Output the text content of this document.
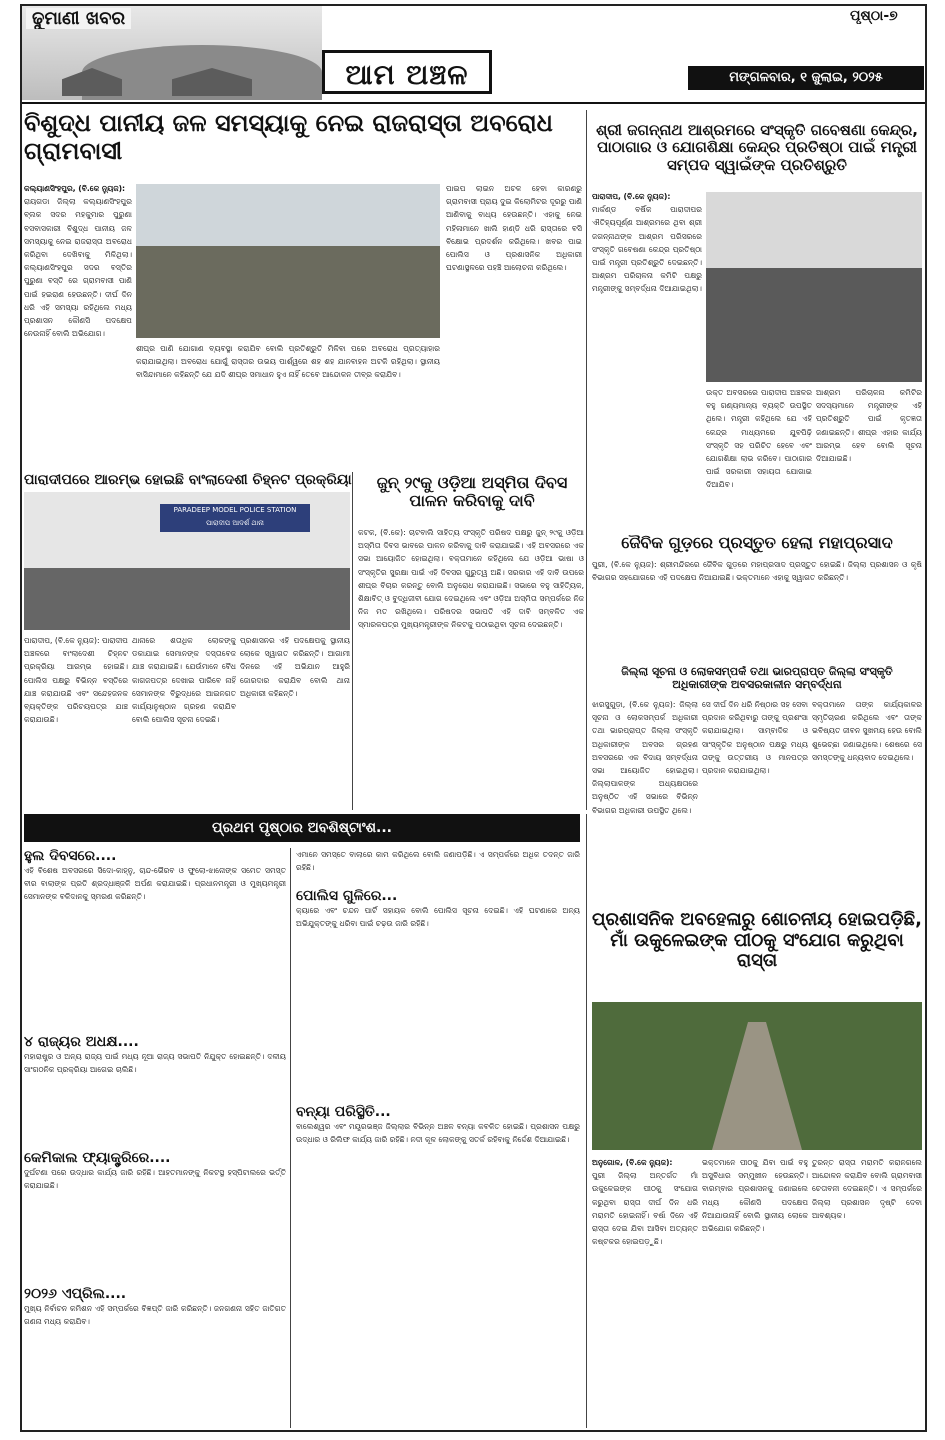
ଢୁମାଣୀ ଖବର
ଆମ ଅଞ୍ଚଳ
ପୃଷ୍ଠା-୭
ମଙ୍ଗଳବାର, ୧ ଜୁଲାଇ, ୨୦୨୫
ବିଶୁଦ୍ଧ ପାନୀୟ ଜଳ ସମସ୍ୟାକୁ ନେଇ ରାଜରାସ୍ତା ଅବରୋଧ ଗ୍ରାମବାସୀ
କଲ୍ୟାଣସିଂହପୁର, (ବି.କେ ନ୍ୟୁଜ):
ରାୟଗଡା ଜିଲ୍ଲା କଲ୍ୟାଣସିଂହପୁର ବ୍ଲକ ସଦର ମହକୁମାର ପୁରୁଣା ବସବାସକାରୀ ବିଶୁଦ୍ଧ ପାନୀୟ ଜଳ ସମସ୍ୟାକୁ ନେଇ ରାଜରାସ୍ତା ଅବରୋଧ କରିଥିବା ଦେଖିବାକୁ ମିଳିଥିଲା। କଲ୍ୟାଣସିଂହପୁର ସଦର ବସ୍ତିର ପୁରୁଣା ବସ୍ତି ରେ ଗ୍ରାମବାସୀ ପାଣି ପାଇଁ ହଇରାଣ ହେଉଛନ୍ତି। ଦୀର୍ଘ ଦିନ ଧରି ଏହି ସମସ୍ୟା ରହିଥିଲେ ମଧ୍ୟ ପ୍ରଶାସନ କୌଣସି ପଦକ୍ଷେପ ନେଉନାହିଁ ବୋଲି ଅଭିଯୋଗ।
ପାଇପ ଲାଇନ ଅଚଳ ହେବା କାରଣରୁ ଗ୍ରାମବାସୀ ପ୍ରାୟ ଦୁଇ କିଲୋମିଟର ଦୂରରୁ ପାଣି ଆଣିବାକୁ ବାଧ୍ୟ ହେଉଛନ୍ତି। ଏହାକୁ ନେଇ ମହିଳାମାନେ ଖାଲି ହାଣ୍ଡି ଧରି ରାସ୍ତାରେ ବସି ବିକ୍ଷୋଭ ପ୍ରଦର୍ଶନ କରିଥିଲେ। ଖବର ପାଇ ପୋଲିସ ଓ ପ୍ରଶାସନିକ ଅଧିକାରୀ ଘଟଣାସ୍ଥଳରେ ପହଞ୍ଚି ଆଲୋଚନା କରିଥିଲେ।
ଶୀଘ୍ର ପାଣି ଯୋଗାଣ ବ୍ୟବସ୍ଥା କରାଯିବ ବୋଲି ପ୍ରତିଶ୍ରୁତି ମିଳିବା ପରେ ଅବରୋଧ ପ୍ରତ୍ୟାହାର କରାଯାଇଥିଲା। ଅବରୋଧ ଯୋଗୁଁ ରାସ୍ତାର ଉଭୟ ପାର୍ଶ୍ୱରେ ଶହ ଶହ ଯାନବାହନ ଅଟକି ରହିଥିଲା। ସ୍ଥାନୀୟ ବାସିନ୍ଦାମାନେ କହିଛନ୍ତି ଯେ ଯଦି ଶୀଘ୍ର ସମାଧାନ ହୁଏ ନାହିଁ ତେବେ ଆନ୍ଦୋଳନ ତୀବ୍ର କରାଯିବ।
ଶ୍ରୀ ଜଗନ୍ନାଥ ଆଶ୍ରମରେ ସଂସ୍କୃତି ଗବେଷଣା କେନ୍ଦ୍ର, ପାଠାଗାର ଓ ଯୋଗଶିକ୍ଷା କେନ୍ଦ୍ର ପ୍ରତିଷ୍ଠା ପାଇଁ ମନ୍ତ୍ରୀ ସମ୍ପଦ ସ୍ୱାଇଁଙ୍କ ପ୍ରତିଶ୍ରୁତି
ପାରାଦୀପ, (ବି.କେ ନ୍ୟୁଜ):
ମାର୍କଣ୍ଡ ବର୍ଷିକ ପାରାଦୀପର ଐତିହ୍ୟପୂର୍ଣ୍ଣ ଆଶ୍ରମରେ ଥିବା ଶ୍ରୀ ଜଗନ୍ନାଥଙ୍କ ଆଶ୍ରମ ପରିସରରେ ସଂସ୍କୃତି ଗବେଷଣା କେନ୍ଦ୍ର ପ୍ରତିଷ୍ଠା ପାଇଁ ମନ୍ତ୍ରୀ ପ୍ରତିଶ୍ରୁତି ଦେଇଛନ୍ତି। ଆଶ୍ରମ ପରିଚାଳନା କମିଟି ପକ୍ଷରୁ ମନ୍ତ୍ରୀଙ୍କୁ ସମ୍ବର୍ଦ୍ଧନା ଦିଆଯାଇଥିଲା।
ଉକ୍ତ ଅବସରରେ ପାରାଦୀପ ଅଞ୍ଚଳର ବହୁ ଗଣ୍ୟମାନ୍ୟ ବ୍ୟକ୍ତି ଉପସ୍ଥିତ ଥିଲେ। ମନ୍ତ୍ରୀ କହିଥିଲେ ଯେ ଏହି କେନ୍ଦ୍ର ମାଧ୍ୟମରେ ଯୁବପିଢ଼ି ସଂସ୍କୃତି ସହ ପରିଚିତ ହେବେ ଏବଂ ଯୋଗଶିକ୍ଷା ଲାଭ କରିବେ। ପାଠାଗାର ପାଇଁ ସରକାରୀ ସହାୟତା ଯୋଗାଇ ଦିଆଯିବ।
ଆଶ୍ରମ ପରିଚାଳନା କମିଟିର ସଦସ୍ୟମାନେ ମନ୍ତ୍ରୀଙ୍କ ଏହି ପ୍ରତିଶ୍ରୁତି ପାଇଁ କୃତଜ୍ଞତା ଜଣାଇଛନ୍ତି। ଶୀଘ୍ର ଏହାର କାର୍ଯ୍ୟ ଆରମ୍ଭ ହେବ ବୋଲି ସୂଚନା ଦିଆଯାଇଛି।
ପାରାଦୀପରେ ଆରମ୍ଭ ହୋଇଛି ବାଂଲାଦେଶୀ ଚିହ୍ନଟ ପ୍ରକ୍ରିୟା
PARADEEP MODEL POLICE STATION
ପାରାଦୀପ ଆଦର୍ଶ ଥାନା
ପାରାଦୀପ, (ବି.କେ ନ୍ୟୁଜ): ପାରାଦୀପ ଅଞ୍ଚଳରେ ବାଂଲାଦେଶୀ ଚିହ୍ନଟ ପ୍ରକ୍ରିୟା ଆରମ୍ଭ ହୋଇଛି। ପୋଲିସ ପକ୍ଷରୁ ବିଭିନ୍ନ ବସ୍ତିରେ ଯାଞ୍ଚ କରାଯାଉଛି ଏବଂ ସନ୍ଦେହଜନକ ବ୍ୟକ୍ତିଙ୍କ ପରିଚୟପତ୍ର ଯାଞ୍ଚ କରାଯାଉଛି।
ଥାନାରେ ଶତାଧିକ ଲୋକଙ୍କୁ ଡକାଯାଇ ସେମାନଙ୍କ ଦସ୍ତାବେଜ ଯାଞ୍ଚ କରାଯାଇଛି। ଯେଉଁମାନେ ବୈଧ କାଗଜପତ୍ର ଦେଖାଇ ପାରିବେ ନାହିଁ ସେମାନଙ୍କ ବିରୁଦ୍ଧରେ ଆଇନଗତ କାର୍ଯ୍ୟାନୁଷ୍ଠାନ ଗ୍ରହଣ କରାଯିବ ବୋଲି ପୋଲିସ ସୂଚନା ଦେଇଛି।
ପ୍ରଶାସନର ଏହି ପଦକ୍ଷେପକୁ ସ୍ଥାନୀୟ ଲୋକେ ସ୍ୱାଗତ କରିଛନ୍ତି। ଆଗାମୀ ଦିନରେ ଏହି ଅଭିଯାନ ଆହୁରି ଜୋରଦାର କରାଯିବ ବୋଲି ଥାନା ଅଧିକାରୀ କହିଛନ୍ତି।
ଜୁନ୍ ୨୯କୁ ଓଡ଼ିଆ ଅସ୍ମିତା ଦିବସ ପାଳନ କରିବାକୁ ଦାବି
କଟକ, (ବି.କେ): ଚାଟବାଲି ସାହିତ୍ୟ ସଂସ୍କୃତି ପରିଷଦ ପକ୍ଷରୁ ଜୁନ୍ ୨୯କୁ ଓଡ଼ିଆ ଅସ୍ମିତା ଦିବସ ଭାବରେ ପାଳନ କରିବାକୁ ଦାବି କରାଯାଇଛି। ଏହି ଅବସରରେ ଏକ ସଭା ଆୟୋଜିତ ହୋଇଥିଲା। ବକ୍ତାମାନେ କହିଥିଲେ ଯେ ଓଡ଼ିଆ ଭାଷା ଓ ସଂସ୍କୃତିର ସୁରକ୍ଷା ପାଇଁ ଏହି ଦିବସର ଗୁରୁତ୍ୱ ଅଛି। ସରକାର ଏହି ଦାବି ଉପରେ ଶୀଘ୍ର ବିଚାର କରନ୍ତୁ ବୋଲି ଅନୁରୋଧ କରାଯାଇଛି। ସଭାରେ ବହୁ ସାହିତ୍ୟିକ, ଶିକ୍ଷାବିତ୍ ଓ ବୁଦ୍ଧିଜୀବୀ ଯୋଗ ଦେଇଥିଲେ ଏବଂ ଓଡ଼ିଆ ଅସ୍ମିତା ସମ୍ପର୍କରେ ନିଜ ନିଜ ମତ ରଖିଥିଲେ। ପରିଷଦର ସଭାପତି ଏହି ଦାବି ସମ୍ବଳିତ ଏକ ସ୍ମାରକପତ୍ର ମୁଖ୍ୟମନ୍ତ୍ରୀଙ୍କ ନିକଟକୁ ପଠାଇଥିବା ସୂଚନା ଦେଇଛନ୍ତି।
ଜୈବିକ ଗୁଡ଼ରେ ପ୍ରସ୍ତୁତ ହେଲା ମହାପ୍ରସାଦ
ପୁରୀ, (ବି.କେ ନ୍ୟୁଜ): ଶ୍ରୀମନ୍ଦିରରେ ଜୈବିକ ଗୁଡ଼ରେ ମହାପ୍ରସାଦ ପ୍ରସ୍ତୁତ ହୋଇଛି। ଜିଲ୍ଲା ପ୍ରଶାସନ ଓ କୃଷି ବିଭାଗର ସହଯୋଗରେ ଏହି ପଦକ୍ଷେପ ନିଆଯାଇଛି। ଭକ୍ତମାନେ ଏହାକୁ ସ୍ୱାଗତ କରିଛନ୍ତି।
ଜିଲ୍ଲା ସୂଚନା ଓ ଲୋକସମ୍ପର୍କ ତଥା ଭାରପ୍ରାପ୍ତ ଜିଲ୍ଲା ସଂସ୍କୃତି ଅଧିକାରୀଙ୍କ ଅବସରକାଳୀନ ସମ୍ବର୍ଦ୍ଧନା
ଝାରସୁଗୁଡ଼ା, (ବି.କେ ନ୍ୟୁଜ): ଜିଲ୍ଲା ସୂଚନା ଓ ଲୋକସମ୍ପର୍କ ଅଧିକାରୀ ତଥା ଭାରପ୍ରାପ୍ତ ଜିଲ୍ଲା ସଂସ୍କୃତି ଅଧିକାରୀଙ୍କ ଅବସର ଗ୍ରହଣ ଅବସରରେ ଏକ ବିଦାୟ ସମ୍ବର୍ଦ୍ଧନା ସଭା ଆୟୋଜିତ ହୋଇଥିଲା। ଜିଲ୍ଲାପାଳଙ୍କ ଅଧ୍ୟକ୍ଷତାରେ ଅନୁଷ୍ଠିତ ଏହି ସଭାରେ ବିଭିନ୍ନ ବିଭାଗର ଅଧିକାରୀ ଉପସ୍ଥିତ ଥିଲେ।
ସେ ଦୀର୍ଘ ଦିନ ଧରି ନିଷ୍ଠାର ସହ ସେବା ପ୍ରଦାନ କରିଥିବାରୁ ତାଙ୍କୁ ପ୍ରଶଂସା କରାଯାଇଥିଲା। ସାମ୍ବାଦିକ ଓ ସାଂସ୍କୃତିକ ଅନୁଷ୍ଠାନ ପକ୍ଷରୁ ମଧ୍ୟ ତାଙ୍କୁ ଉତ୍ତରୀୟ ଓ ମାନପତ୍ର ପ୍ରଦାନ କରାଯାଇଥିଲା।
ବକ୍ତାମାନେ ତାଙ୍କ କାର୍ଯ୍ୟକାଳର ସ୍ମୃତିଚାରଣ କରିଥିଲେ ଏବଂ ତାଙ୍କ ଭବିଷ୍ୟତ ଜୀବନ ସୁଖମୟ ହେଉ ବୋଲି ଶୁଭେଚ୍ଛା ଜଣାଇଥିଲେ। ଶେଷରେ ସେ ସମସ୍ତଙ୍କୁ ଧନ୍ୟବାଦ ଦେଇଥିଲେ।
ପ୍ରଥମ ପୃଷ୍ଠାର ଅବଶିଷ୍ଟାଂଶ...
ହୁଲ ଦିବସରେ....
ଏହି ବିଶେଷ ଅବସରରେ ସିଦୋ-କାହ୍ନୁ, ଚାନ୍ଦ-ଭୈରବ ଓ ଫୁଲୋ-ଝାନୋଙ୍କ ସମେତ ସମସ୍ତ ବୀର ବାଲାଙ୍କ ପ୍ରତି ଶ୍ରଦ୍ଧାଞ୍ଜଳି ଅର୍ପଣ କରାଯାଇଛି। ପ୍ରଧାନମନ୍ତ୍ରୀ ଓ ମୁଖ୍ୟମନ୍ତ୍ରୀ ସେମାନଙ୍କ ବଳିଦାନକୁ ସ୍ମରଣ କରିଛନ୍ତି।
୪ ରାଜ୍ୟର ଅଧକ୍ଷ....
ମହାରାଷ୍ଟ୍ର ଓ ଅନ୍ୟ ରାଜ୍ୟ ପାଇଁ ମଧ୍ୟ ନୂଆ ରାଜ୍ୟ ସଭାପତି ନିଯୁକ୍ତ ହୋଇଛନ୍ତି। ଦଳୀୟ ସାଂଗଠନିକ ପ୍ରକ୍ରିୟା ଆଗେଇ ଚାଲିଛି।
କେମିକାଲ ଫ୍ୟାକ୍ଟ୍ରିରେ....
ଦୁର୍ଘଟଣା ପରେ ଉଦ୍ଧାର କାର୍ଯ୍ୟ ଜାରି ରହିଛି। ଆହତମାନଙ୍କୁ ନିକଟସ୍ଥ ହସ୍ପିଟାଲରେ ଭର୍ତ୍ତି କରାଯାଇଛି।
୨୦୨୬ ଏପ୍ରିଲ....
ମୁଖ୍ୟ ନିର୍ବାଚନ କମିଶନ ଏହି ସମ୍ପର୍କରେ ବିଜ୍ଞପ୍ତି ଜାରି କରିଛନ୍ତି। ଜନଗଣନା ସହିତ ଜାତିଗତ ଗଣନା ମଧ୍ୟ କରାଯିବ।
ଏମାନେ ସମସ୍ତେ ବାଲାରେ କାମ କରିଥିଲେ ବୋଲି ଜଣାପଡ଼ିଛି। ଏ ସମ୍ପର୍କରେ ଅଧିକ ତଦନ୍ତ ଜାରି ରହିଛି।
ପୋଲିସ ଗୁଳିରେ...
କ୍ୟାରେ ଏବଂ ଚନ୍ଦନ ପାର୍ଟି ସହାୟକ ବୋଲି ପୋଲିସ ସୂଚନା ଦେଇଛି। ଏହି ଘଟଣାରେ ଅନ୍ୟ ଅଭିଯୁକ୍ତଙ୍କୁ ଧରିବା ପାଇଁ ଚଢ଼ଉ ଜାରି ରହିଛି।
ବନ୍ୟା ପରିସ୍ଥିତି...
ବାଲେଶ୍ୱର ଏବଂ ମୟୂରଭଞ୍ଜ ଜିଲ୍ଲାର ବିଭିନ୍ନ ଅଞ୍ଚଳ ବନ୍ୟା କବଳିତ ହୋଇଛି। ପ୍ରଶାସନ ପକ୍ଷରୁ ଉଦ୍ଧାର ଓ ରିଲିଫ କାର୍ଯ୍ୟ ଜାରି ରହିଛି। ନଦୀ କୂଳ ଲୋକଙ୍କୁ ସତର୍କ ରହିବାକୁ ନିର୍ଦ୍ଦେଶ ଦିଆଯାଇଛି।
ପ୍ରଶାସନିକ ଅବହେଳାରୁ ଶୋଚନୀୟ ହୋଇପଡ଼ିଛି, ମାଁ ଉକୁଳେଇଙ୍କ ପୀଠକୁ ସଂଯୋଗ କରୁଥିବା ରାସ୍ତା
ଅନୁଗୋଳ, (ବି.କେ ନ୍ୟୁଜ):
ପୁରୀ ଜିଲ୍ଲା ଅନ୍ତର୍ଗତ ମାଁ ଉକୁଳେଇଙ୍କ ପୀଠକୁ ସଂଯୋଗ କରୁଥିବା ରାସ୍ତା ଦୀର୍ଘ ଦିନ ଧରି ମରାମତି ହୋଇନାହିଁ। ବର୍ଷା ଦିନେ ଏହି ରାସ୍ତା ଦେଇ ଯିବା ଆସିବା ଅତ୍ୟନ୍ତ କଷ୍ଟକର ହୋଇପଡ଼ୁଛି।
ଭକ୍ତମାନେ ପୀଠକୁ ଯିବା ପାଇଁ ବହୁ ଅସୁବିଧାର ସମ୍ମୁଖୀନ ହେଉଛନ୍ତି। ବାରମ୍ବାର ପ୍ରଶାସନକୁ ଜଣାଇଲେ ମଧ୍ୟ କୌଣସି ପଦକ୍ଷେପ ନିଆଯାଉନାହିଁ ବୋଲି ସ୍ଥାନୀୟ ଲୋକେ ଅଭିଯୋଗ କରିଛନ୍ତି।
ତୁରନ୍ତ ରାସ୍ତା ମରାମତି କରାନଗଲେ ଆନ୍ଦୋଳନ କରାଯିବ ବୋଲି ଗ୍ରାମବାସୀ ଚେତାବନୀ ଦେଇଛନ୍ତି। ଏ ସମ୍ପର୍କରେ ଜିଲ୍ଲା ପ୍ରଶାସନ ଦୃଷ୍ଟି ଦେବା ଆବଶ୍ୟକ।
